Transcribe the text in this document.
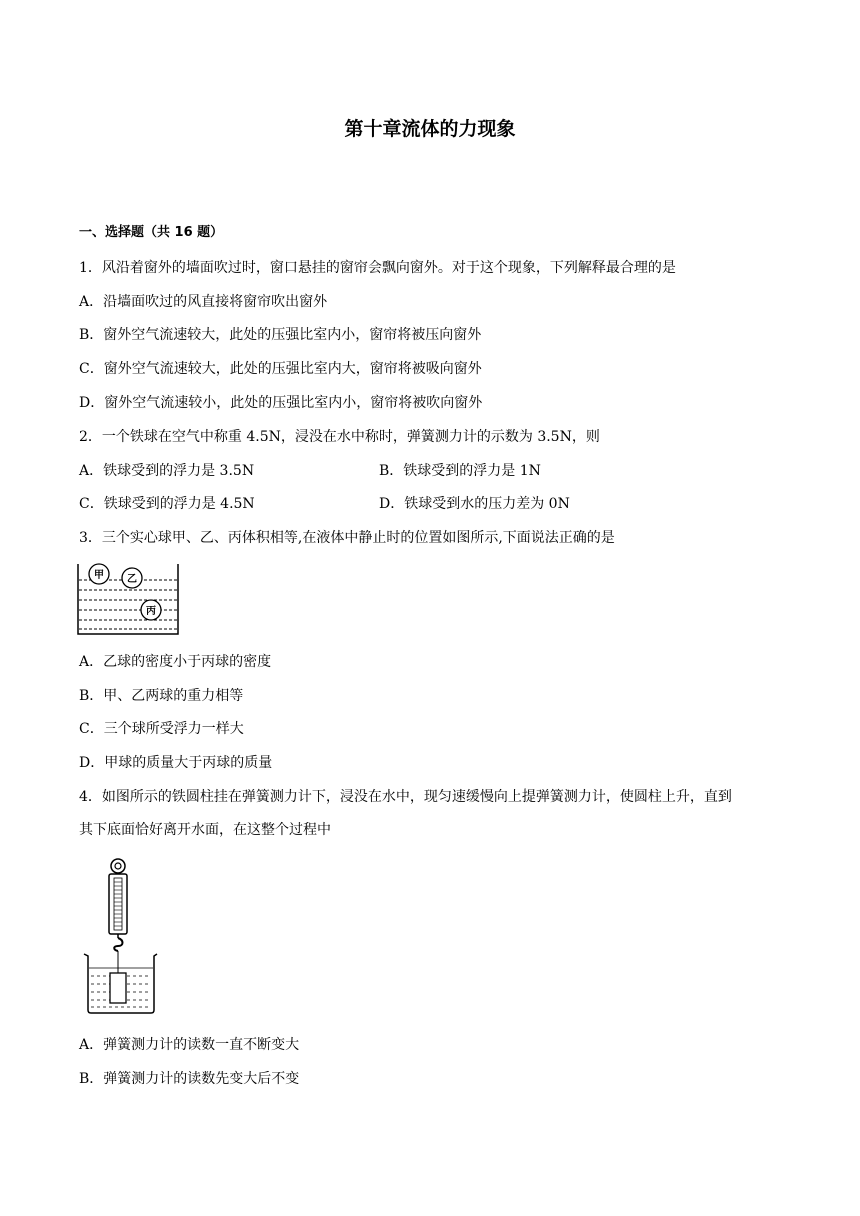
第十章流体的力现象
一、选择题（共 16 题）
1．风沿着窗外的墙面吹过时，窗口悬挂的窗帘会飘向窗外。对于这个现象，下列解释最合理的是
A．沿墙面吹过的风直接将窗帘吹出窗外
B．窗外空气流速较大，此处的压强比室内小，窗帘将被压向窗外
C．窗外空气流速较大，此处的压强比室内大，窗帘将被吸向窗外
D．窗外空气流速较小，此处的压强比室内小，窗帘将被吹向窗外
2．一个铁球在空气中称重 4.5N，浸没在水中称时，弹簧测力计的示数为 3.5N，则
A．铁球受到的浮力是 3.5N	B．铁球受到的浮力是 1N
C．铁球受到的浮力是 4.5N	D．铁球受到水的压力差为 0N
3．三个实心球甲、乙、丙体积相等,在液体中静止时的位置如图所示,下面说法正确的是
甲 乙
丙
A．乙球的密度小于丙球的密度
B．甲、乙两球的重力相等
C．三个球所受浮力一样大
D．甲球的质量大于丙球的质量
4．如图所示的铁圆柱挂在弹簧测力计下，浸没在水中，现匀速缓慢向上提弹簧测力计，使圆柱上升，直到
其下底面恰好离开水面，在这整个过程中
A．弹簧测力计的读数一直不断变大
B．弹簧测力计的读数先变大后不变
